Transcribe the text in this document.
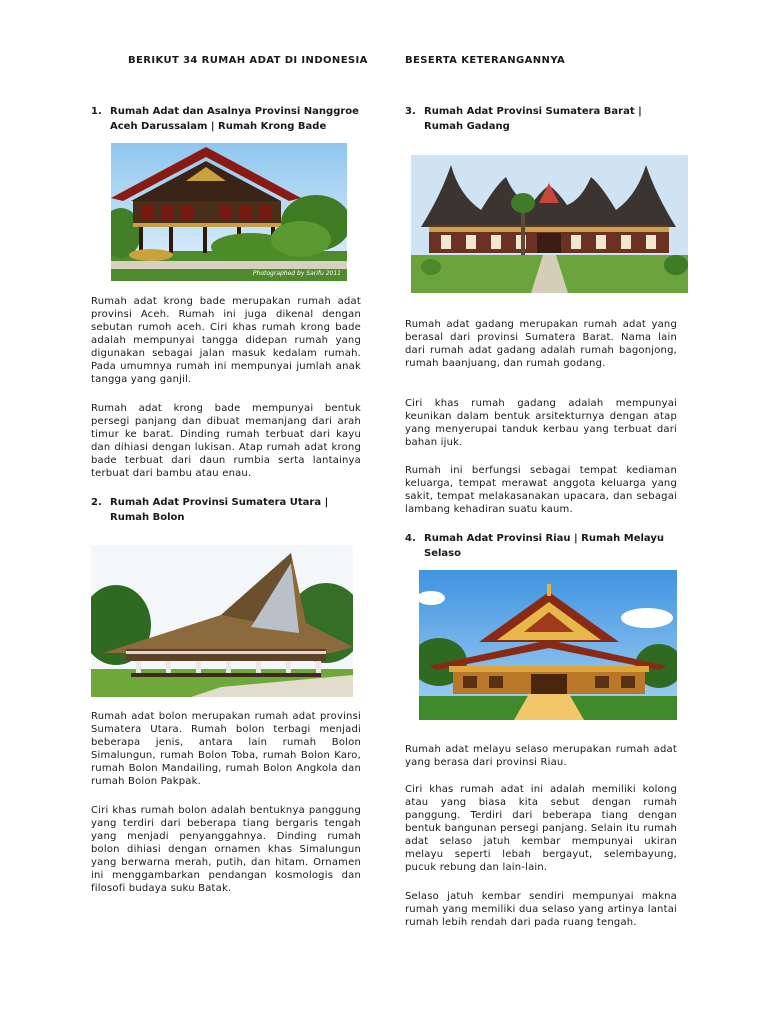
BERIKUT 34 RUMAH ADAT DI INDONESIA	BESERTA KETERANGANNYA
1. Rumah Adat dan Asalnya Provinsi Nanggroe Aceh Darussalam | Rumah Krong Bade
Photographed by Sarifu 2011

Rumah adat krong bade merupakan rumah adat provinsi Aceh. Rumah ini juga dikenal dengan sebutan rumoh aceh. Ciri khas rumah krong bade adalah mempunyai tangga didepan rumah yang digunakan sebagai jalan masuk kedalam rumah. Pada umumnya rumah ini mempunyai jumlah anak tangga yang ganjil.

Rumah adat krong bade mempunyai bentuk persegi panjang dan dibuat memanjang dari arah timur ke barat. Dinding rumah terbuat dari kayu dan dihiasi dengan lukisan. Atap rumah adat krong bade terbuat dari daun rumbia serta lantainya terbuat dari bambu atau enau.

2. Rumah Adat Provinsi Sumatera Utara | Rumah Bolon

Rumah adat bolon merupakan rumah adat provinsi Sumatera Utara. Rumah bolon terbagi menjadi beberapa jenis, antara lain rumah Bolon Simalungun, rumah Bolon Toba, rumah Bolon Karo, rumah Bolon Mandailing, rumah Bolon Angkola dan rumah Bolon Pakpak.

Ciri khas rumah bolon adalah bentuknya panggung yang terdiri dari beberapa tiang bergaris tengah yang menjadi penyanggahnya. Dinding rumah bolon dihiasi dengan ornamen khas Simalungun yang berwarna merah, putih, dan hitam. Ornamen ini menggambarkan pendangan kosmologis dan filosofi budaya suku Batak.

3. Rumah Adat Provinsi Sumatera Barat | Rumah Gadang

Rumah adat gadang merupakan rumah adat yang berasal dari provinsi Sumatera Barat. Nama lain dari rumah adat gadang adalah rumah bagonjong, rumah baanjuang, dan rumah godang.

Ciri khas rumah gadang adalah mempunyai keunikan dalam bentuk arsitekturnya dengan atap yang menyerupai tanduk kerbau yang terbuat dari bahan ijuk.

Rumah ini berfungsi sebagai tempat kediaman keluarga, tempat merawat anggota keluarga yang sakit, tempat melakasanakan upacara, dan sebagai lambang kehadiran suatu kaum.

4. Rumah Adat Provinsi Riau | Rumah Melayu Selaso

Rumah adat melayu selaso merupakan rumah adat yang berasa dari provinsi Riau.

Ciri khas rumah adat ini adalah memiliki kolong atau yang biasa kita sebut dengan rumah panggung. Terdiri dari beberapa tiang dengan bentuk bangunan persegi panjang. Selain itu rumah adat selaso jatuh kembar mempunyai ukiran melayu seperti lebah bergayut, selembayung, pucuk rebung dan lain-lain.

Selaso jatuh kembar sendiri mempunyai makna rumah yang memiliki dua selaso yang artinya lantai rumah lebih rendah dari pada ruang tengah.
